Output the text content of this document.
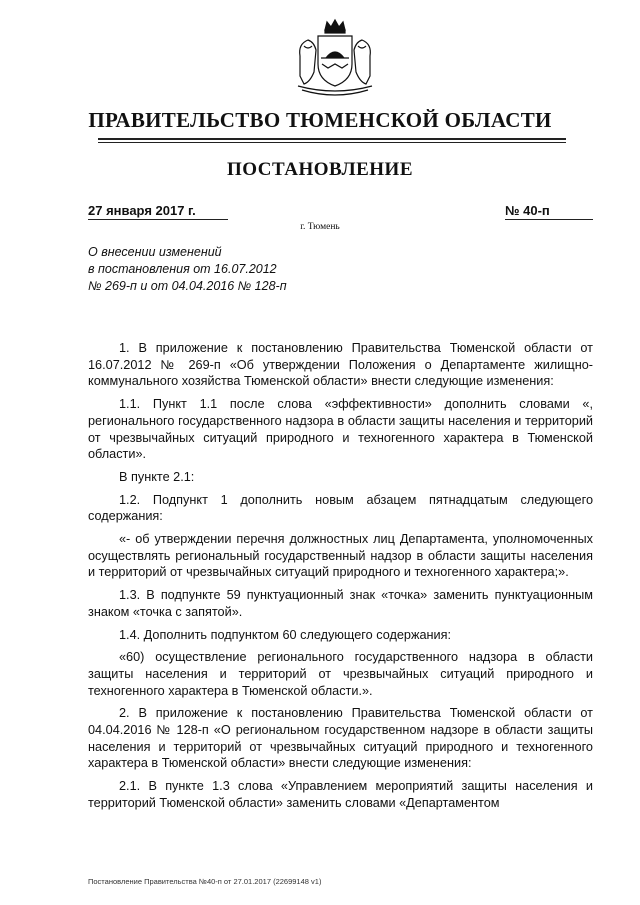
ПРАВИТЕЛЬСТВО ТЮМЕНСКОЙ ОБЛАСТИ
ПОСТАНОВЛЕНИЕ
27 января 2017 г.	№ 40-п
г. Тюмень
О внесении изменений
в постановления от 16.07.2012
№ 269-п и от 04.04.2016 № 128-п

1. В приложение к постановлению Правительства Тюменской области от 16.07.2012 № 269-п «Об утверждении Положения о Департаменте жилищно-коммунального хозяйства Тюменской области» внести следующие изменения:

1.1. Пункт 1.1 после слова «эффективности» дополнить словами «, регионального государственного надзора в области защиты населения и территорий от чрезвычайных ситуаций природного и техногенного характера в Тюменской области».

В пункте 2.1:

1.2. Подпункт 1 дополнить новым абзацем пятнадцатым следующего содержания:

«- об утверждении перечня должностных лиц Департамента, уполномоченных осуществлять региональный государственный надзор в области защиты населения и территорий от чрезвычайных ситуаций природного и техногенного характера;».

1.3. В подпункте 59 пунктуационный знак «точка» заменить пунктуационным знаком «точка с запятой».

1.4. Дополнить подпунктом 60 следующего содержания:

«60) осуществление регионального государственного надзора в области защиты населения и территорий от чрезвычайных ситуаций природного и техногенного характера в Тюменской области.».

2. В приложение к постановлению Правительства Тюменской области от 04.04.2016 № 128-п «О региональном государственном надзоре в области защиты населения и территорий от чрезвычайных ситуаций природного и техногенного характера в Тюменской области» внести следующие изменения:

2.1. В пункте 1.3 слова «Управлением мероприятий защиты населения и территорий Тюменской области» заменить словами «Департаментом

Постановление Правительства №40-п от 27.01.2017 (22699148 v1)
